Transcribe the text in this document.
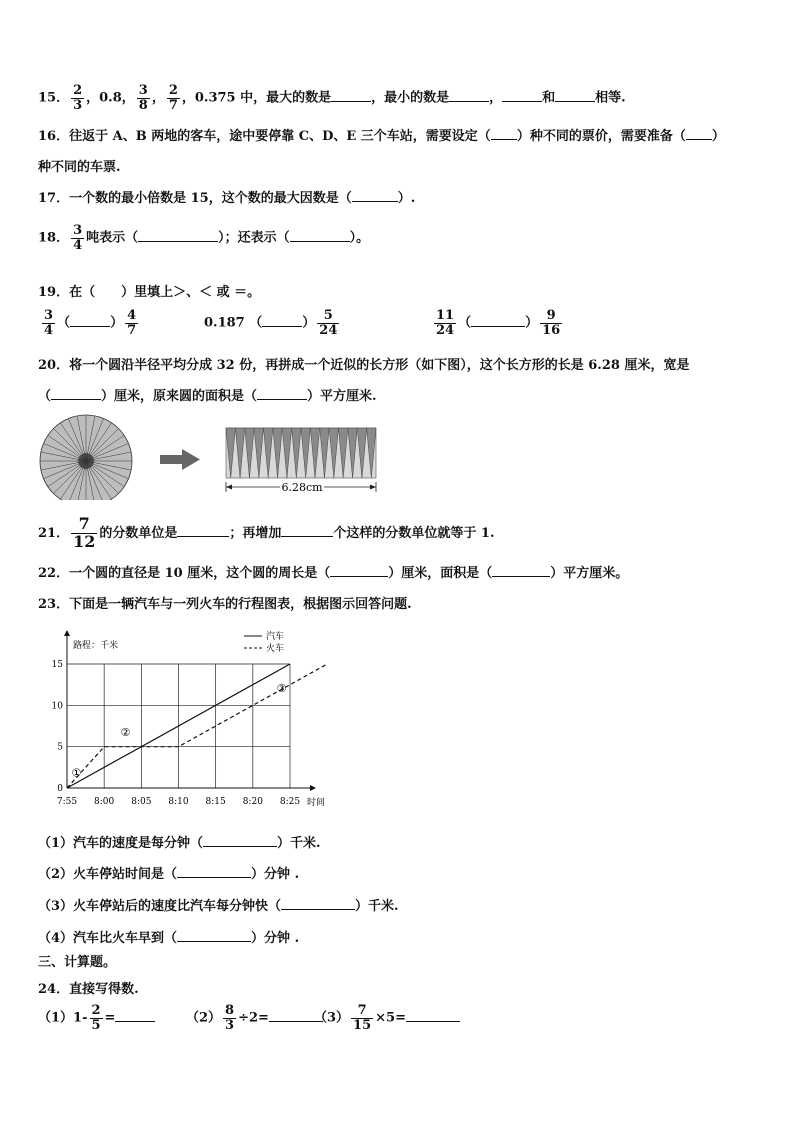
15． $\frac{2}{3}$ ，0.8， $\frac{3}{8}$ ， $\frac{2}{7}$ ，0.375 中，最大的数是	，最小的数是	，	和	相等.
16．往返于 A、B 两地的客车，途中要停靠 C、D、E 三个车站，需要设定（ ）种不同的票价，需要准备（ ）
种不同的车票.
17．一个数的最小倍数是 15，这个数的最大因数是（	）.
18． $\frac{3}{4}$ 吨表示（	）；还表示（	）。
19．在（　　）里填上＞、＜ 或 ＝。
$\frac{3}{4}$ （	） $\frac{4}{7}$	0.187 （	） $\frac{5}{24}$	$\frac{11}{24}$ （	） $\frac{9}{16}$
20．将一个圆沿半径平均分成 32 份，再拼成一个近似的长方形（如下图），这个长方形的长是 6.28 厘米，宽是
（	）厘米，原来圆的面积是（	）平方厘米.
6.28cm
21． $\frac{7}{12}$ 的分数单位是	；再增加	个这样的分数单位就等于 1.
22．一个圆的直径是 10 厘米，这个圆的周长是（	）厘米，面积是（	）平方厘米。
23．下面是一辆汽车与一列火车的行程图表，根据图示回答问题.
7:55 8:00 8:05 8:10 8:15 8:20 8:25
0
5
10
15
路程：千米
时间
汽车
火车
①
②
③
（1）汽车的速度是每分钟（	）千米.
（2）火车停站时间是（	）分钟 .
（3）火车停站后的速度比汽车每分钟快（	）千米.
（4）汽车比火车早到（	）分钟 .
三、计算题。
24．直接写得数.
$(1)1- \frac{2}{5}$ =	$(2) \frac{8}{3} \div 2=$	$(3) \frac{7}{15} \times 5=$
